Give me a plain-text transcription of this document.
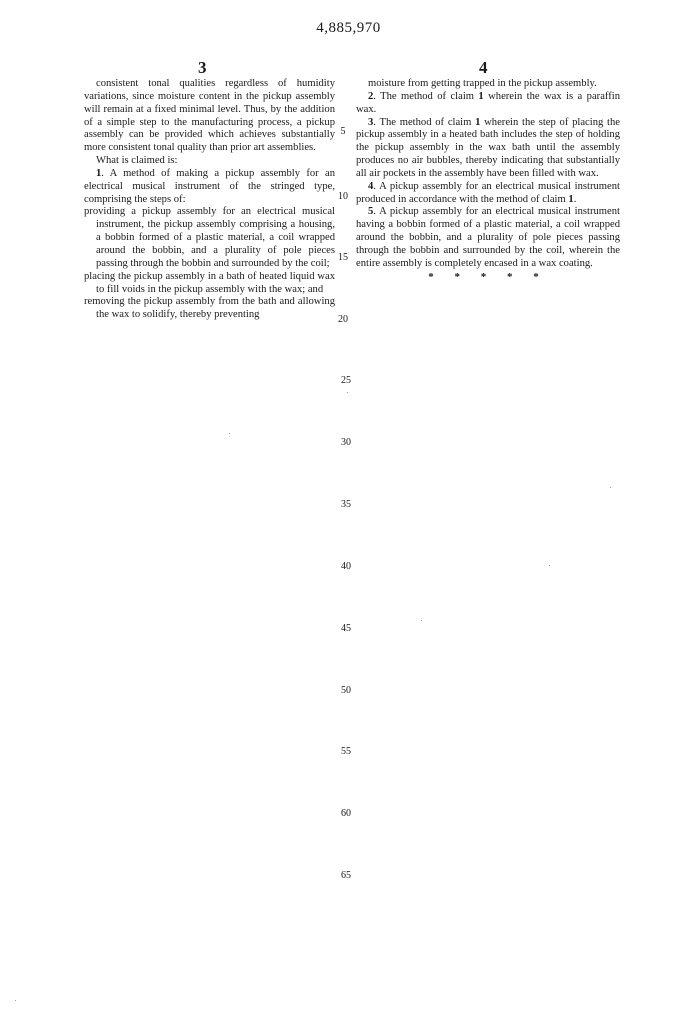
4,885,970
3	4

consistent tonal qualities regardless of humidity variations, since moisture content in the pickup assembly will remain at a fixed minimal level. Thus, by the addition of a simple step to the manufacturing process, a pickup assembly can be provided which achieves substantially more consistent tonal quality than prior art assemblies.

What is claimed is:

1. A method of making a pickup assembly for an electrical musical instrument of the stringed type, comprising the steps of:

providing a pickup assembly for an electrical musical instrument, the pickup assembly comprising a housing, a bobbin formed of a plastic material, a coil wrapped around the bobbin, and a plurality of pole pieces passing through the bobbin and surrounded by the coil;

placing the pickup assembly in a bath of heated liquid wax to fill voids in the pickup assembly with the wax; and

removing the pickup assembly from the bath and allowing the wax to solidify, thereby preventing

moisture from getting trapped in the pickup assembly.

2. The method of claim 1 wherein the wax is a paraffin wax.

3. The method of claim 1 wherein the step of placing the pickup assembly in a heated bath includes the step of holding the pickup assembly in the wax bath until the assembly produces no air bubbles, thereby indicating that substantially all air pockets in the assembly have been filled with wax.

4. A pickup assembly for an electrical musical instrument produced in accordance with the method of claim 1.

5. A pickup assembly for an electrical musical instrument having a bobbin formed of a plastic material, a coil wrapped around the bobbin, and a plurality of pole pieces passing through the bobbin and surrounded by the coil, wherein the entire assembly is completely encased in a wax coating.

* * * * *

5
10
15
20
25
30
35
40
45
50
55
60
65
